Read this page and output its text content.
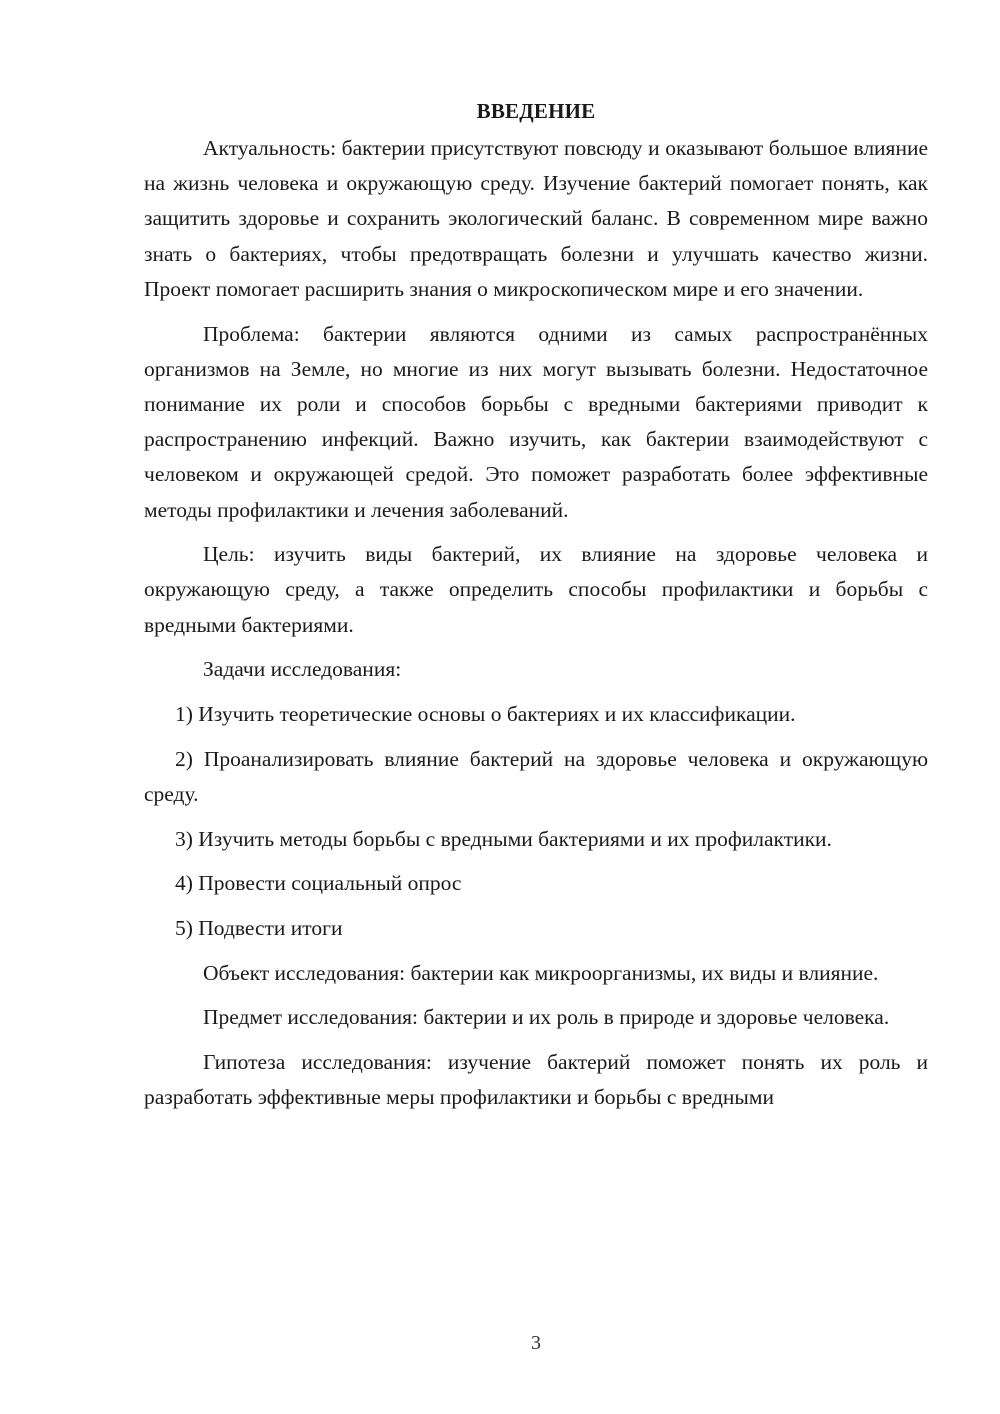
ВВЕДЕНИЕ

Актуальность: бактерии присутствуют повсюду и оказывают большое влияние на жизнь человека и окружающую среду. Изучение бактерий помогает понять, как защитить здоровье и сохранить экологический баланс. В современном мире важно знать о бактериях, чтобы предотвращать болезни и улучшать качество жизни. Проект помогает расширить знания о микроскопическом мире и его значении.

Проблема: бактерии являются одними из самых распространённых организмов на Земле, но многие из них могут вызывать болезни. Недостаточное понимание их роли и способов борьбы с вредными бактериями приводит к распространению инфекций. Важно изучить, как бактерии взаимодействуют с человеком и окружающей средой. Это поможет разработать более эффективные методы профилактики и лечения заболеваний.

Цель: изучить виды бактерий, их влияние на здоровье человека и окружающую среду, а также определить способы профилактики и борьбы с вредными бактериями.

Задачи исследования:

1) Изучить теоретические основы о бактериях и их классификации.

2) Проанализировать влияние бактерий на здоровье человека и окружающую среду.

3) Изучить методы борьбы с вредными бактериями и их профилактики.

4) Провести социальный опрос

5) Подвести итоги

Объект исследования: бактерии как микроорганизмы, их виды и влияние.

Предмет исследования: бактерии и их роль в природе и здоровье человека.

Гипотеза исследования: изучение бактерий поможет понять их роль и разработать эффективные меры профилактики и борьбы с вредными

3
